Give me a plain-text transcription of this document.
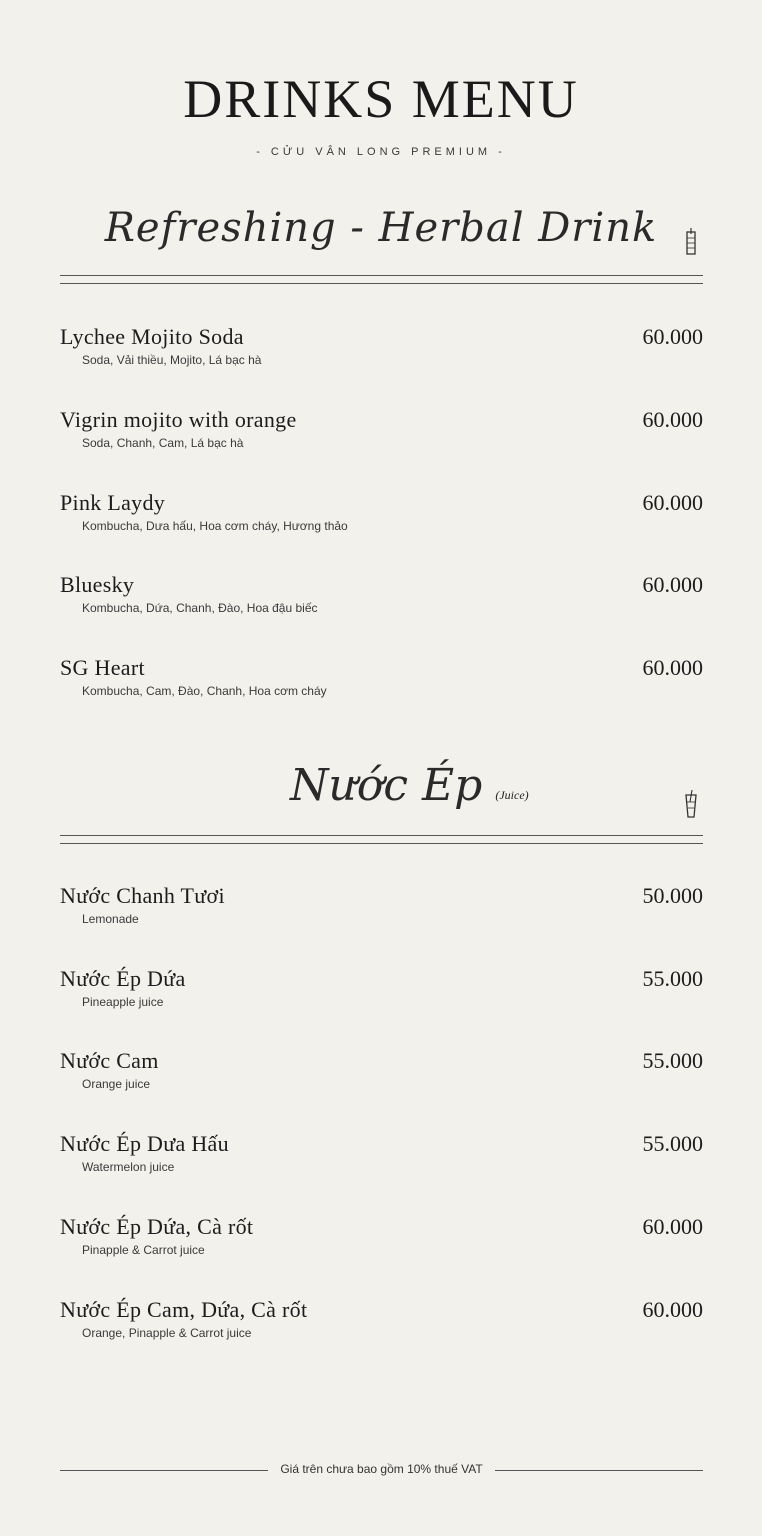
DRINKS MENU
- CỬU VÂN LONG PREMIUM -
Refreshing - Herbal Drink
Lychee Mojito Soda	60.000
Soda, Vải thiều, Mojito, Lá bạc hà
Vigrin mojito with orange	60.000
Soda, Chanh, Cam, Lá bạc hà
Pink Laydy	60.000
Kombucha, Dưa hấu, Hoa cơm cháy, Hương thảo
Bluesky	60.000
Kombucha, Dứa, Chanh, Đào, Hoa đậu biếc
SG Heart	60.000
Kombucha, Cam, Đào, Chanh, Hoa cơm cháy
Nước Ép (Juice)
Nước Chanh Tươi	50.000
Lemonade
Nước Ép Dứa	55.000
Pineapple juice
Nước Cam	55.000
Orange juice
Nước Ép Dưa Hấu	55.000
Watermelon juice
Nước Ép Dứa, Cà rốt	60.000
Pinapple & Carrot juice
Nước Ép Cam, Dứa, Cà rốt	60.000
Orange, Pinapple & Carrot juice
Giá trên chưa bao gồm 10% thuế VAT
